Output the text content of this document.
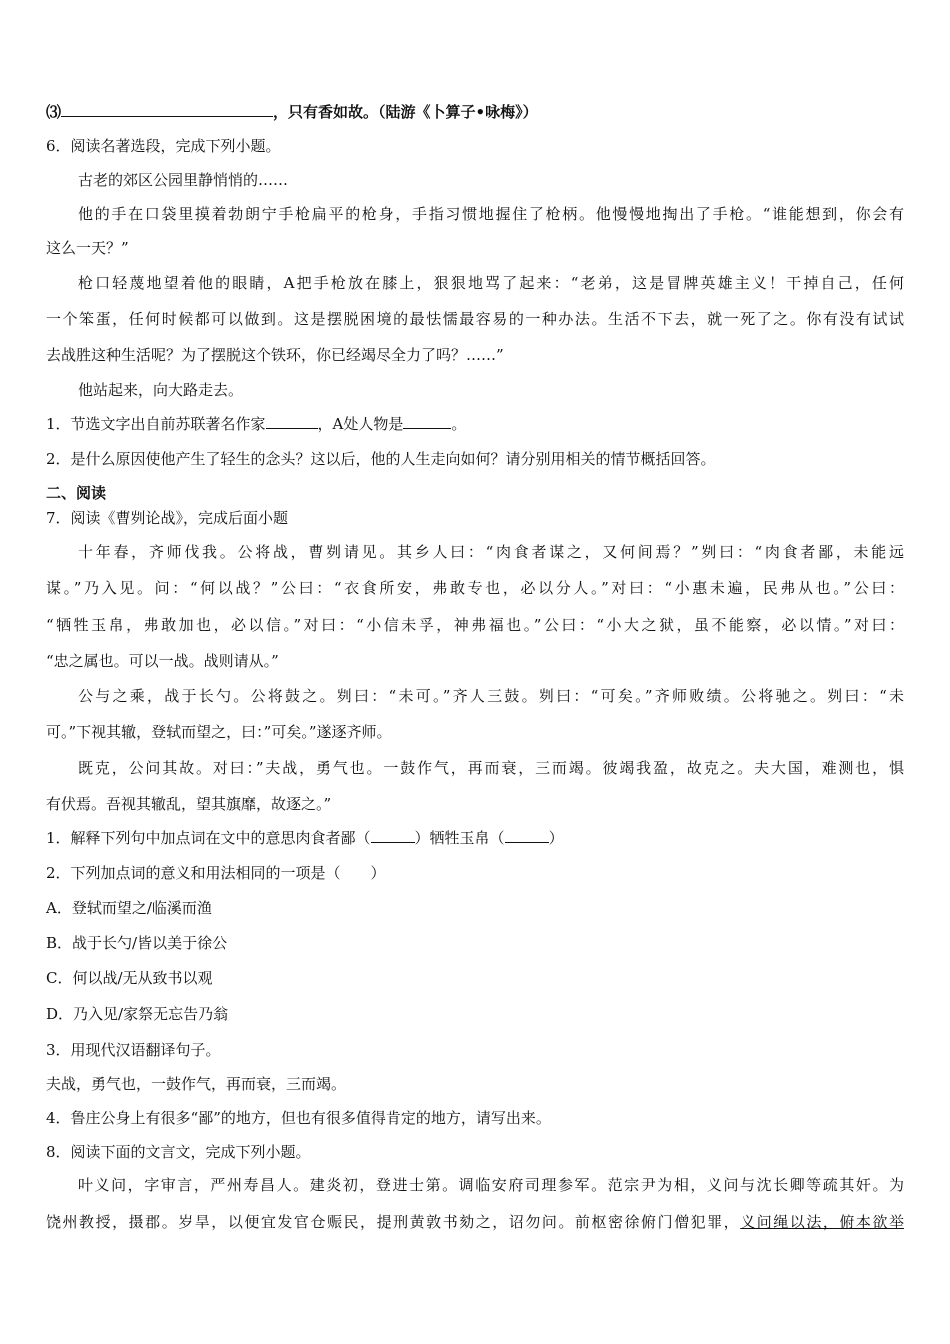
⑶	，只有香如故。（陆游《卜算子•咏梅》）
6．阅读名著选段，完成下列小题。
古老的郊区公园里静悄悄的……
他的手在口袋里摸着勃朗宁手枪扁平的枪身，手指习惯地握住了枪柄。他慢慢地掏出了手枪。“谁能想到，你会有
这么一天？”
枪口轻蔑地望着他的眼睛，A把手枪放在膝上，狠狠地骂了起来：“老弟，这是冒牌英雄主义！干掉自己，任何
一个笨蛋，任何时候都可以做到。这是摆脱困境的最怯懦最容易的一种办法。生活不下去，就一死了之。你有没有试试
去战胜这种生活呢？为了摆脱这个铁环，你已经竭尽全力了吗？……”
他站起来，向大路走去。
1．节选文字出自前苏联著名作家	，A处人物是	。
2．是什么原因使他产生了轻生的念头？这以后，他的人生走向如何？请分别用相关的情节概括回答。
二、阅读
7．阅读《曹刿论战》，完成后面小题
十年春，齐师伐我。公将战，曹刿请见。其乡人曰：“肉食者谋之，又何间焉？”刿曰：“肉食者鄙，未能远
谋。”乃入见。问：“何以战？”公曰：“衣食所安，弗敢专也，必以分人。”对曰：“小惠未遍，民弗从也。”公曰：
“牺牲玉帛，弗敢加也，必以信。”对曰：“小信未孚，神弗福也。”公曰：“小大之狱，虽不能察，必以情。”对曰：
“忠之属也。可以一战。战则请从。”
公与之乘，战于长勺。公将鼓之。刿曰：“未可。”齐人三鼓。刿曰：“可矣。”齐师败绩。公将驰之。刿曰：“未
可。”下视其辙，登轼而望之，曰：”可矣。”遂逐齐师。
既克，公问其故。对曰：”夫战，勇气也。一鼓作气，再而衰，三而竭。彼竭我盈，故克之。夫大国，难测也，惧
有伏焉。吾视其辙乱，望其旗靡，故逐之。”
1．解释下列句中加点词在文中的意思肉食者鄙（	）牺牲玉帛（	）
2．下列加点词的意义和用法相同的一项是（　　）
A．登轼而望之/临溪而渔
B．战于长勺/皆以美于徐公
C．何以战/无从致书以观
D．乃入见/家祭无忘告乃翁
3．用现代汉语翻译句子。
夫战，勇气也，一鼓作气，再而衰，三而竭。
4．鲁庄公身上有很多“鄙”的地方，但也有很多值得肯定的地方，请写出来。
8．阅读下面的文言文，完成下列小题。
叶义问，字审言，严州寿昌人。建炎初，登进士第。调临安府司理参军。范宗尹为相，义问与沈长卿等疏其奸。为
饶州教授，摄郡。岁旱，以便宜发官仓赈民，提刑黄敦书劾之，诏勿问。前枢密徐俯门僧犯罪，义问绳以法，俯本欲举
